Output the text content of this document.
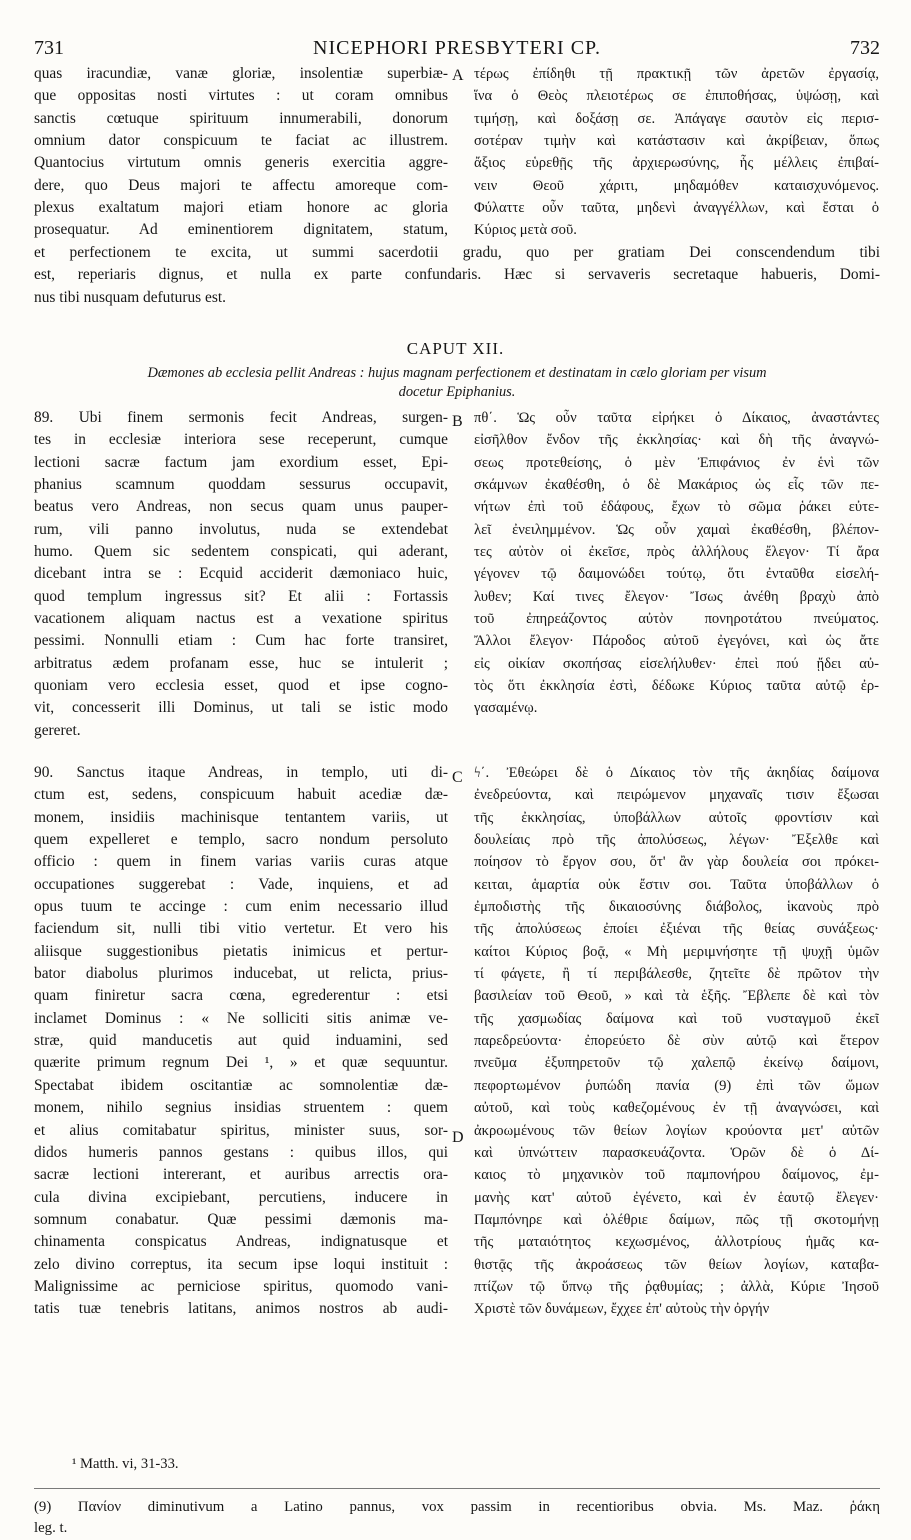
731	NICEPHORI PRESBYTERI CP.	732
quas iracundiæ, vanæ gloriæ, insolentiæ superbiæ-
que oppositas nosti virtutes : ut coram omnibus
sanctis cœtuque spirituum innumerabili, donorum
omnium dator conspicuum te faciat ac illustrem.
Quantocius virtutum omnis generis exercitia aggre-
dere, quo Deus majori te affectu amoreque com-
plexus exaltatum majori etiam honore ac gloria
prosequatur. Ad eminentiorem dignitatem, statum,
A τέρως ἐπίδηθι τῇ πρακτικῇ τῶν ἀρετῶν ἐργασίᾳ,
ἵνα ὁ Θεὸς πλειοτέρως σε ἐπιποθήσας, ὑψώσῃ, καὶ
τιμήσῃ, καὶ δοξάσῃ σε. Ἀπάγαγε σαυτὸν εἰς περισ-
σοτέραν τιμὴν καὶ κατάστασιν καὶ ἀκρίβειαν, ὅπως
ἄξιος εὑρεθῇς τῆς ἀρχιερωσύνης, ἧς μέλλεις ἐπιβαί-
νειν Θεοῦ χάριτι, μηδαμόθεν καταισχυνόμενος.
Φύλαττε οὖν ταῦτα, μηδενὶ ἀναγγέλλων, καὶ ἔσται ὁ
Κύριος μετὰ σοῦ.
et perfectionem te excita, ut summi sacerdotii gradu, quo per gratiam Dei conscendendum tibi
est, reperiaris dignus, et nulla ex parte confundaris. Hæc si servaveris secretaque habueris, Domi-
nus tibi nusquam defuturus est.
CAPUT XII.
Dæmones ab ecclesia pellit Andreas : hujus magnam perfectionem et destinatam in cælo gloriam per visum
docetur Epiphanius.
89. Ubi finem sermonis fecit Andreas, surgen-
tes in ecclesiæ interiora sese receperunt, cumque
lectioni sacræ factum jam exordium esset, Epi-
phanius scamnum quoddam sessurus occupavit,
beatus vero Andreas, non secus quam unus pauper-
rum, vili panno involutus, nuda se extendebat
humo. Quem sic sedentem conspicati, qui aderant,
dicebant intra se : Ecquid acciderit dæmoniaco huic,
quod templum ingressus sit? Et alii : Fortassis
vacationem aliquam nactus est a vexatione spiritus
pessimi. Nonnulli etiam : Cum hac forte transiret,
arbitratus ædem profanam esse, huc se intulerit ;
quoniam vero ecclesia esset, quod et ipse cogno-
vit, concesserit illi Dominus, ut tali se istic modo
gereret.
B πθ΄. Ὡς οὖν ταῦτα εἰρήκει ὁ Δίκαιος, ἀναστάντες
εἰσῆλθον ἔνδον τῆς ἐκκλησίας· καὶ δὴ τῆς ἀναγνώ-
σεως προτεθείσης, ὁ μὲν Ἐπιφάνιος ἐν ἑνὶ τῶν
σκάμνων ἐκαθέσθη, ὁ δὲ Μακάριος ὡς εἷς τῶν πε-
νήτων ἐπὶ τοῦ ἐδάφους, ἔχων τὸ σῶμα ῥάκει εὐτε-
λεῖ ἐνειλημμένον. Ὡς οὖν χαμαὶ ἐκαθέσθη, βλέπον-
τες αὐτὸν οἱ ἐκεῖσε, πρὸς ἀλλήλους ἔλεγον· Τί ἄρα
γέγονεν τῷ δαιμονώδει τούτῳ, ὅτι ἐνταῦθα εἰσελή-
λυθεν; Καί τινες ἔλεγον· Ἴσως ἀνέθη βραχὺ ἀπὸ
τοῦ ἐπηρεάζοντος αὐτὸν πονηροτάτου πνεύματος.
Ἄλλοι ἔλεγον· Πάροδος αὐτοῦ ἐγεγόνει, καὶ ὡς ἄτε
εἰς οἰκίαν σκοπήσας εἰσελήλυθεν· ἐπεὶ πού ᾔδει αὐ-
τὸς ὅτι ἐκκλησία ἐστὶ, δέδωκε Κύριος ταῦτα αὐτῷ ἐρ-
γασαμένῳ.
90. Sanctus itaque Andreas, in templo, uti di-
ctum est, sedens, conspicuum habuit acediæ dæ-
monem, insidiis machinisque tentantem variis, ut
quem expelleret e templo, sacro nondum persoluto
officio : quem in finem varias variis curas atque
occupationes suggerebat : Vade, inquiens, et ad
opus tuum te accinge : cum enim necessario illud
faciendum sit, nulli tibi vitio vertetur. Et vero his
aliisque suggestionibus pietatis inimicus et pertur-
bator diabolus plurimos inducebat, ut relicta, prius-
quam finiretur sacra cœna, egrederentur : etsi
inclamet Dominus : « Ne solliciti sitis animæ ve-
stræ, quid manducetis aut quid induamini, sed
quærite primum regnum Dei ¹, » et quæ sequuntur.
Spectabat ibidem oscitantiæ ac somnolentiæ dæ-
monem, nihilo segnius insidias struentem : quem
et alius comitabatur spiritus, minister suus, sor-
didos humeris pannos gestans : quibus illos, qui
sacræ lectioni intererant, et auribus arrectis ora-
cula divina excipiebant, percutiens, inducere in
somnum conabatur. Quæ pessimi dæmonis ma-
chinamenta conspicatus Andreas, indignatusque et
zelo divino correptus, ita secum ipse loqui instituit :
Malignissime ac perniciose spiritus, quomodo vani-
tatis tuæ tenebris latitans, animos nostros ab audi-
C
D
ϟ΄. Ἐθεώρει δὲ ὁ Δίκαιος τὸν τῆς ἀκηδίας δαίμονα
ἐνεδρεύοντα, καὶ πειρώμενον μηχαναῖς τισιν ἔξωσαι
τῆς ἐκκλησίας, ὑποβάλλων αὐτοῖς φροντίσιν καὶ
δουλείαις πρὸ τῆς ἀπολύσεως, λέγων· Ἔξελθε καὶ
ποίησον τὸ ἔργον σου, ὅτ' ἂν γὰρ δουλεία σοι πρόκει-
κειται, ἁμαρτία οὐκ ἔστιν σοι. Ταῦτα ὑποβάλλων ὁ
ἐμποδιστὴς τῆς δικαιοσύνης διάβολος, ἱκανοὺς πρὸ
τῆς ἀπολύσεως ἐποίει ἐξιέναι τῆς θείας συνάξεως·
καίτοι Κύριος βοᾷ, « Μὴ μεριμνήσητε τῇ ψυχῇ ὑμῶν
τί φάγετε, ἢ τί περιβάλεσθε, ζητεῖτε δὲ πρῶτον τὴν
βασιλείαν τοῦ Θεοῦ, » καὶ τὰ ἑξῆς. Ἔβλεπε δὲ καὶ τὸν
τῆς χασμωδίας δαίμονα καὶ τοῦ νυσταγμοῦ ἐκεῖ
παρεδρεύοντα· ἐπορεύετο δὲ σὺν αὐτῷ καὶ ἕτερον
πνεῦμα ἐξυπηρετοῦν τῷ χαλεπῷ ἐκείνῳ δαίμονι,
πεφορτωμένον ῥυπώδη πανία (9) ἐπὶ τῶν ὤμων
αὐτοῦ, καὶ τοὺς καθεζομένους ἐν τῇ ἀναγνώσει, καὶ
ἀκροωμένους τῶν θείων λογίων κρούοντα μετ' αὐτῶν
καὶ ὑπνώττειν παρασκευάζοντα. Ὁρῶν δὲ ὁ Δί-
καιος τὸ μηχανικὸν τοῦ παμπονήρου δαίμονος, ἐμ-
μανὴς κατ' αὐτοῦ ἐγένετο, καὶ ἐν ἑαυτῷ ἔλεγεν·
Παμπόνηρε καὶ ὀλέθριε δαίμων, πῶς τῇ σκοτομήνῃ
τῆς ματαιότητος κεχωσμένος, ἀλλοτρίους ἡμᾶς κα-
θιστᾷς τῆς ἀκροάσεως τῶν θείων λογίων, καταβα-
πτίζων τῷ ὕπνῳ τῆς ῥᾳθυμίας; ; ἀλλὰ, Κύριε Ἰησοῦ
Χριστὲ τῶν δυνάμεων, ἔχχεε ἐπ' αὐτοὺς τὴν ὀργήν
¹ Matth. vi, 31-33.
(9) Πανίον diminutivum a Latino pannus, vox passim in recentioribus obvia. Ms. Maz. ῥάκη
leg. t.
